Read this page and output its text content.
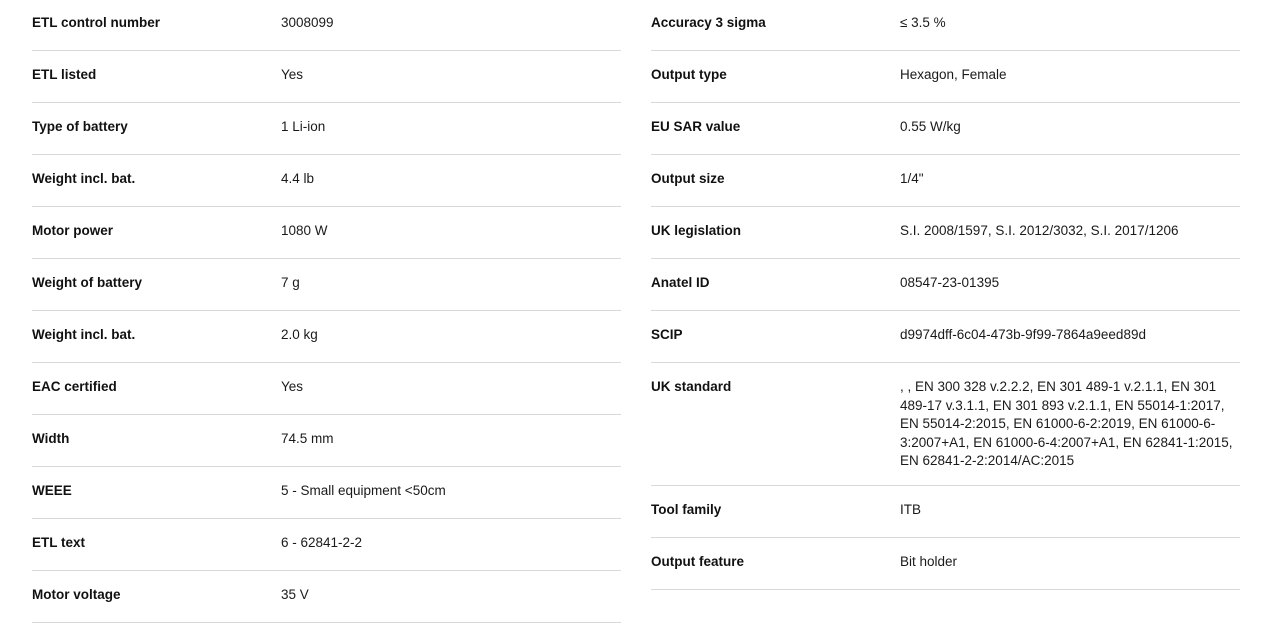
ETL control number	3008099
ETL listed	Yes
Type of battery	1 Li-ion
Weight incl. bat.	4.4 lb
Motor power	1080 W
Weight of battery	7 g
Weight incl. bat.	2.0 kg
EAC certified	Yes
Width	74.5 mm
WEEE	5 - Small equipment <50cm
ETL text	6 - 62841-2-2
Motor voltage	35 V
Accuracy 3 sigma	≤ 3.5 %
Output type	Hexagon, Female
EU SAR value	0.55 W/kg
Output size	1/4"
UK legislation	S.I. 2008/1597, S.I. 2012/3032, S.I. 2017/1206
Anatel ID	08547-23-01395
SCIP	d9974dff-6c04-473b-9f99-7864a9eed89d
UK standard	, , EN 300 328 v.2.2.2, EN 301 489-1 v.2.1.1, EN 301 489-17 v.3.1.1, EN 301 893 v.2.1.1, EN 55014-1:2017, EN 55014-2:2015, EN 61000-6-2:2019, EN 61000-6-3:2007+A1, EN 61000-6-4:2007+A1, EN 62841-1:2015, EN 62841-2-2:2014/AC:2015
Tool family	ITB
Output feature	Bit holder
